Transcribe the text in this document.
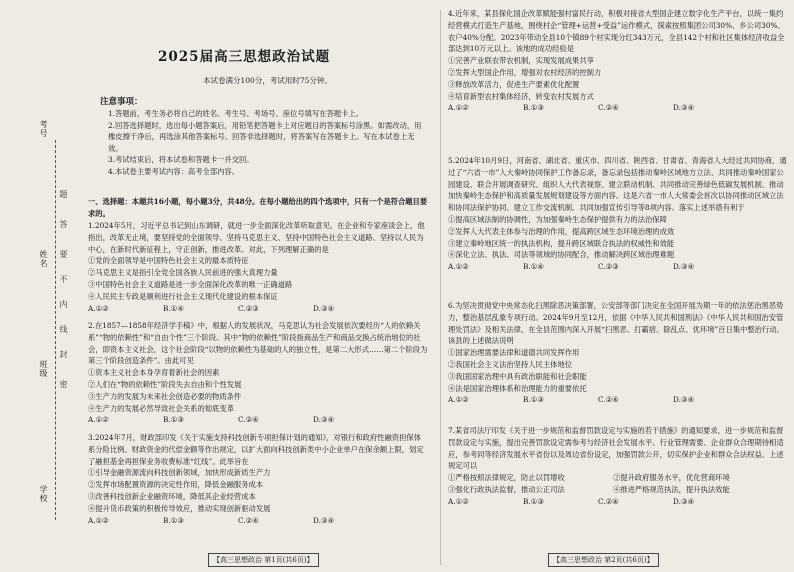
考号
姓名
班级
学校
题
答
要
不
内
线
封
密
2025届高三思想政治试题
本试卷满分100分，考试用时75分钟。
注意事项：

1.答题前，考生务必将自己的姓名、考生号、考场号、座位号填写在答题卡上。

2.回答选择题时，选出每小题答案后，用铅笔把答题卡上对应题目的答案标号涂黑。如需改动，用橡皮擦干净后，再选涂其他答案标号。回答非选择题时，将答案写在答题卡上。写在本试卷上无效。

3.考试结束后，将本试卷和答题卡一并交回。

4.本试卷主要考试内容：高考全部内容。

一、选择题：本题共16小题，每小题3分，共48分。在每小题给出的四个选项中，只有一个是符合题目要求的。

1.2024年5月，习近平总书记到山东调研，就进一步全面深化改革听取意见。在企业和专家座谈会上，他指出，改革无止境，要坚持党的全面领导、坚持马克思主义、坚持中国特色社会主义道路、坚持以人民为中心，在新时代新征程上，守正创新，推进改革。对此，下列理解正确的是

①党的全面领导是中国特色社会主义的最本质特征

②马克思主义是指引全党全国各族人民前进的强大真理力量

③中国特色社会主义道路是进一步全面深化改革的唯一正确道路

④人民民主专政是顺利进行社会主义现代化建设的根本保证

A.①②	B.①④	C.②③	D.③④

2.在1857—1858年经济学手稿》中，根据人的发展状况，马克思认为社会发展依次要经历“人的依赖关系”“物的依赖性”和“自由个性”三个阶段。其中“物的依赖性”阶段指商品生产和商品交换占统治地位的社会，即资本主义社会，这个社会阶段“以物的依赖性为基础的人的独立性，是第二大形式……第二个阶段为第三个阶段创造条件”。由此可见

①资本主义社会本身孕育着新社会的因素

②人们在“物的依赖性”阶段失去自由和个性发展

③生产力的发展为未来社会创造必要的物质条件

④生产力的发展必然导致社会关系的彻底变革

A.①②	B.①③	C.②④	D.③④

3.2024年7月，财政部印发《关于实施支持科技创新专项担保计划的通知》，对银行和政府性融资担保体系分险比例、财政资金的代偿金额等作出规定，以扩大面向科技创新类中小企业单户在保余额上限，划定了融担基金再担保业务收费标准“红线”。此举旨在

①引导金融资源流向科技创新领域，加快形成新质生产力

②发挥市场配置资源的决定性作用，降低金融服务成本

③改善科技创新企业融资环境，降低其企业经营成本

④提升货币政策的积极传导效应，推动实现创新驱动发展

A.①②	B.①③	C.②④	D.③④
【高三思想政治 第1页(共6页)】

4.近年来，某县探化国企改革赋能强村富民行动，积极对接省大型国企建立数字化生产平台，以统一集约经营模式打造生产基地，围绕村企“管理+运营+受益”运作模式，探索按照集团公司30%、乡公司30%、农户40%分配。2023年带动全县10个镇89个村实现分红343万元，全县142个村和社区集体经济收益全部达到10万元以上。该地的成功经验是

①完善产业联农带农机制，实现发展成果共享

②发挥大型国企作用，增强对农村经济的控制力

③释放改革活力，促进生产要素优化配置

④培育新型农村集体经济，转变农村发展方式

A.①②	B.①③	C.②④	D.③④

5.2024年10月9日，河南省、湖北省、重庆市、四川省、陕西省、甘肃省、青海省人大经过共同协商，通过了“六省一市”人大秦岭协同保护工作备忘录，备忘录包括推动秦岭区域地方立法、共同推动秦岭国家公园建设、联合开展调查研究、组织人大代表视察、建立联动机制、共同推动完善绿色低碳发展机制、推动加快秦岭生态保护和高质量发展规划建设等方面内容。这是六省一市人大常委会首次以协同推动区域立法和协同法保护协同、建立工作交流机制、共同加强宣传引导等8项内容。落实上述举措有利于

①提高区域法制的协调性，为加强秦岭生态保护提供有力的法治保障

②发挥人大代表主体参与治理的作用，提高跨区域生态环境治理的成效

③建立秦岭地区统一的执法机构，提升跨区域联合执法的权威性和效能

④深化立法、执法、司法等领域的协同配合，推动解决跨区域治理难题

A.①②	B.①④	C.②③	D.③④

6.为坚决贯彻党中央常态化扫黑除恶决策部署，公安部等部门决定在全国开展为期一年的依法惩治黑恶势力，整治基层乱象专项行动。2024年9月至12月，依据《中华人民共和国刑法》《中华人民共和国治安管理处罚法》及相关法律，在全县范围内深入开展“扫黑恶、打霸痞、除乱点、优环境”百日集中整治行动。该县的上述做法说明

①国家治理需要法律和道德共同发挥作用

②我国社会主义法治坚持人民主体地位

③我国国家治理中具有政治职能和社会职能

④法是国家治理体系和治理能力的重要依托

A.①②	B.①③	C.②④	D.③④

7.某省司法厅印发《关于进一步规范和监督罚款设定与实施的若干措施》的通知要求，进一步规范和监督罚款设定与实施，提出完善罚款设定需参考与经济社会发展水平、行业管理需要、企业群众合理期待相适应，参考同等经济发展水平省份以及周边省份设定，加强罚款公开，切实保护企业和群众合法权益。上述规定可以

①严格按照法律规定，防止以罚增收	②提升政府服务水平，优化营商环境
③强化行政执法监督，推动公正司法	④推进严格规范执法，提升执法效能
A.①②	B.①③	C.②④	D.③④
【高三思想政治 第2页(共6页)】
